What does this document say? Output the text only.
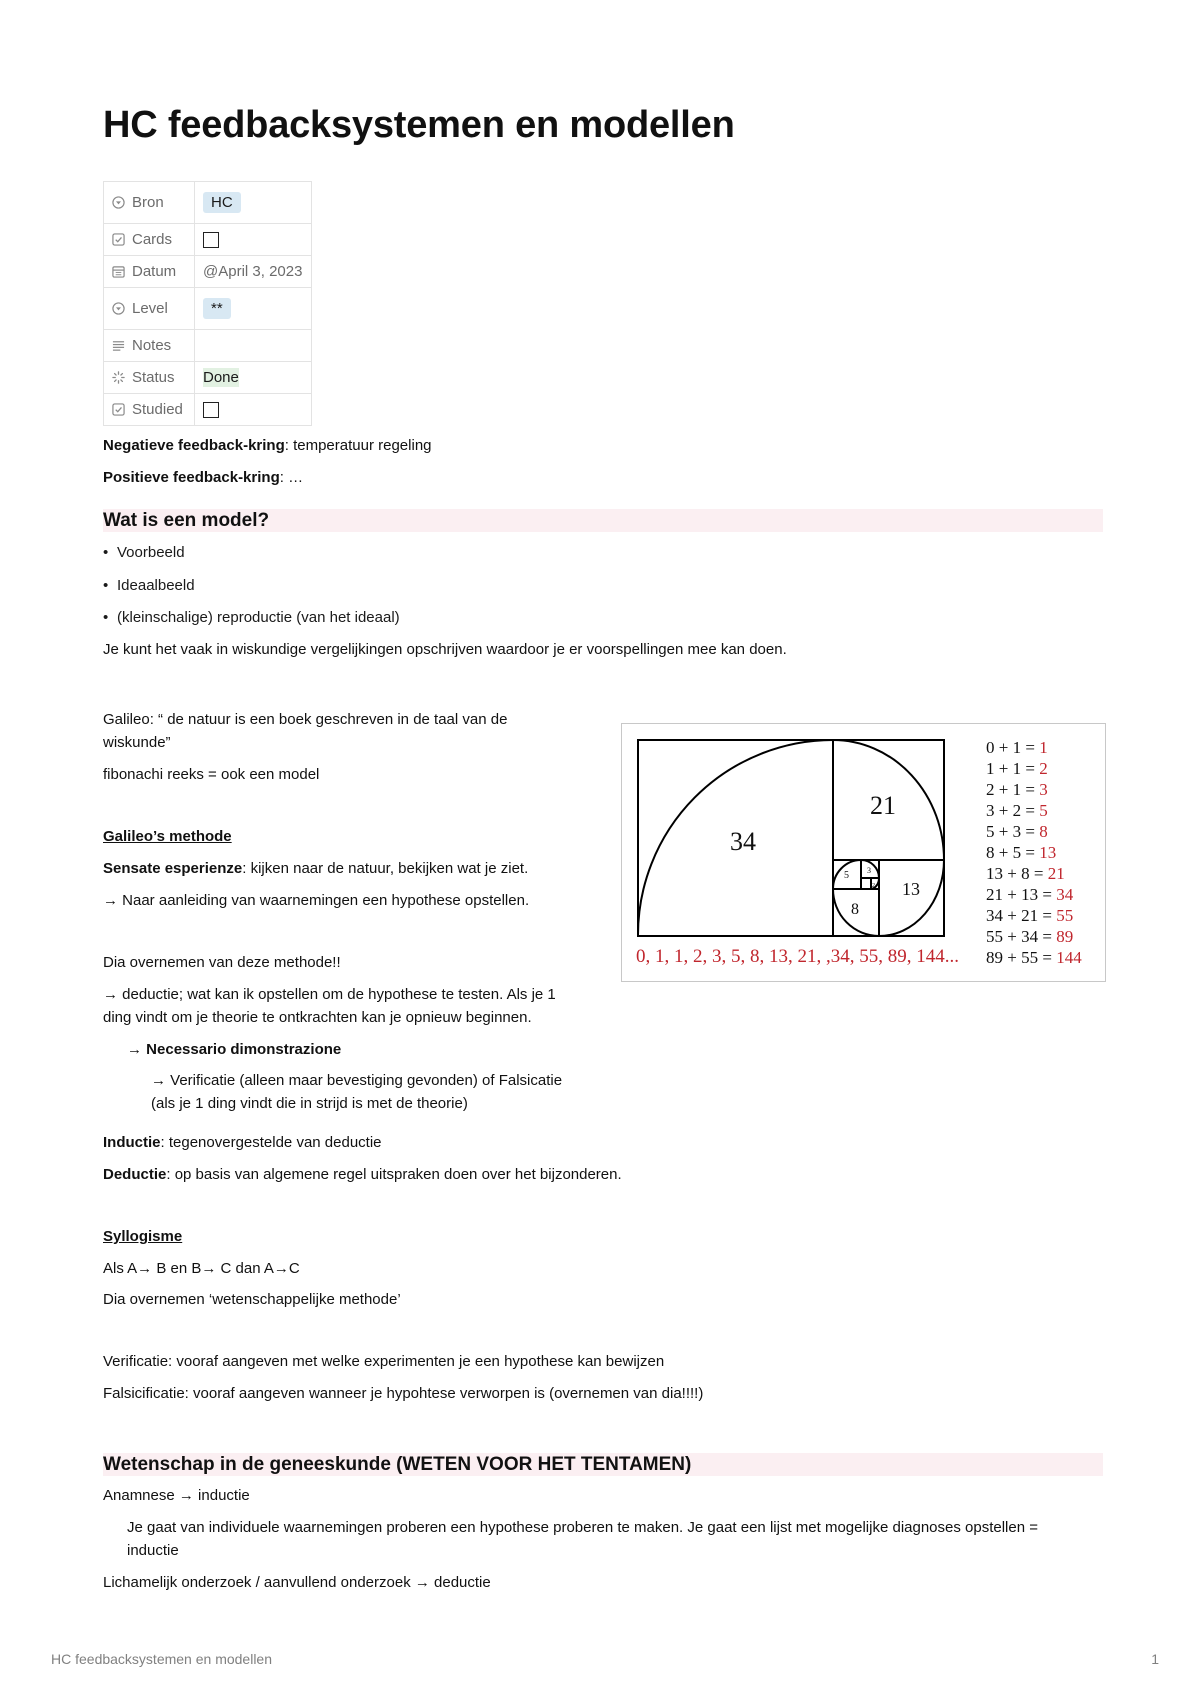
HC feedbacksystemen en modellen
Bron	HC

Cards	

Datum	@April 3, 2023

Level	**

Notes	

Status	Done

Studied	

Negatieve feedback-kring: temperatuur regeling

Positieve feedback-kring: …

Wat is een model?
• Voorbeeld
• Ideaalbeeld
• (kleinschalige) reproductie (van het ideaal)

Je kunt het vaak in wiskundige vergelijkingen opschrijven waardoor je er voorspellingen mee kan doen.

Galileo: “ de natuur is een boek geschreven in de taal van de

wiskunde”

fibonachi reeks = ook een model

Galileo’s methode

Sensate esperienze: kijken naar de natuur, bekijken wat je ziet.

→ Naar aanleiding van waarnemingen een hypothese opstellen.

Dia overnemen van deze methode!!

→ deductie; wat kan ik opstellen om de hypothese te testen. Als je 1

ding vindt om je theorie te ontkrachten kan je opnieuw beginnen.

→ Necessario dimonstrazione

→ Verificatie (alleen maar bevestiging gevonden) of Falsicatie

(als je 1 ding vindt die in strijd is met de theorie)

Inductie: tegenovergestelde van deductie

Deductie: op basis van algemene regel uitspraken doen over het bijzonderen.

Syllogisme

Als A→ B en B→ C dan A→C

Dia overnemen ‘wetenschappelijke methode’

Verificatie: vooraf aangeven met welke experimenten je een hypothese kan bewijzen

Falsicificatie: vooraf aangeven wanneer je hypohtese verworpen is (overnemen van dia!!!!)

Wetenschap in de geneeskunde (WETEN VOOR HET TENTAMEN)

Anamnese → inductie

Je gaat van individuele waarnemingen proberen een hypothese proberen te maken. Je gaat een lijst met mogelijke diagnoses opstellen =

inductie

Lichamelijk onderzoek / aanvullend onderzoek → deductie

34
21
13
8
5 3
2
0, 1, 1, 2, 3, 5, 8, 13, 21, ,34, 55, 89, 144...
0 + 1 = 1
1 + 1 = 2
2 + 1 = 3
3 + 2 = 5
5 + 3 = 8
8 + 5 = 13
13 + 8 = 21
21 + 13 = 34
34 + 21 = 55
55 + 34 = 89
89 + 55 = 144
HC feedbacksystemen en modellen	1
